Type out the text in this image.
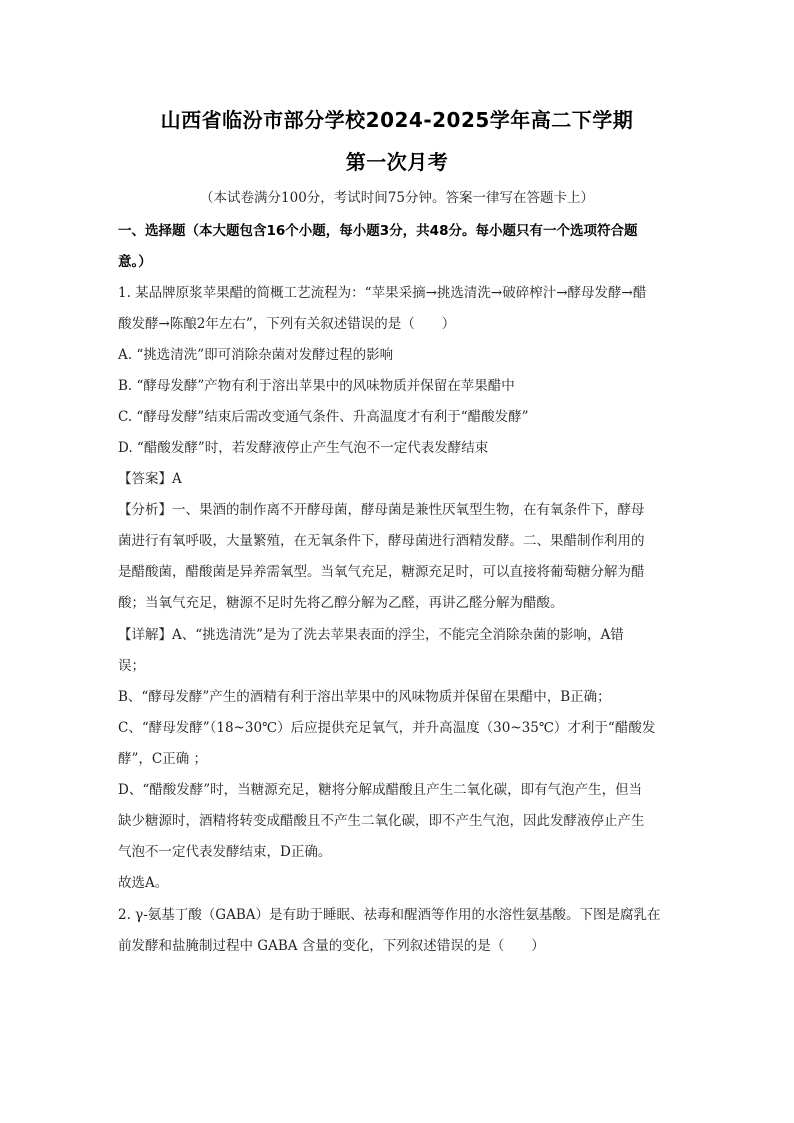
山西省临汾市部分学校2024-2025学年高二下学期
第一次月考
（本试卷满分100分，考试时间75分钟。答案一律写在答题卡上）
一、选择题（本大题包含16个小题，每小题3分，共48分。每小题只有一个选项符合题
意。）
1. 某品牌原浆苹果醋的简概工艺流程为：“苹果采摘→挑选清洗→破碎榨汁→酵母发酵→醋
酸发酵→陈酿2年左右”，下列有关叙述错误的是（　　）
A. “挑选清洗”即可消除杂菌对发酵过程的影响
B. “酵母发酵”产物有利于溶出苹果中的风味物质并保留在苹果醋中
C. “酵母发酵”结束后需改变通气条件、升高温度才有利于“醋酸发酵”
D. “醋酸发酵”时，若发酵液停止产生气泡不一定代表发酵结束
【答案】A
【分析】一、果酒的制作离不开酵母菌，酵母菌是兼性厌氧型生物，在有氧条件下，酵母
菌进行有氧呼吸，大量繁殖，在无氧条件下，酵母菌进行酒精发酵。二、果醋制作利用的
是醋酸菌，醋酸菌是异养需氧型。当氧气充足，糖源充足时，可以直接将葡萄糖分解为醋
酸；当氧气充足，糖源不足时先将乙醇分解为乙醛，再讲乙醛分解为醋酸。
【详解】A、“挑选清洗”是为了洗去苹果表面的浮尘，不能完全消除杂菌的影响，A错
误；
B、“酵母发酵”产生的酒精有利于溶出苹果中的风味物质并保留在果醋中，B正确；
C、“酵母发酵”（18~30℃）后应提供充足氧气，并升高温度（30~35℃）才利于“醋酸发
酵”，C正确 ；
D、“醋酸发酵”时，当糖源充足，糖将分解成醋酸且产生二氧化碳，即有气泡产生，但当
缺少糖源时，酒精将转变成醋酸且不产生二氧化碳，即不产生气泡，因此发酵液停止产生
气泡不一定代表发酵结束，D正确。
故选A。
2. γ-氨基丁酸（GABA）是有助于睡眠、祛毒和醒酒等作用的水溶性氨基酸。下图是腐乳在
前发酵和盐腌制过程中 GABA 含量的变化，下列叙述错误的是（　　）
